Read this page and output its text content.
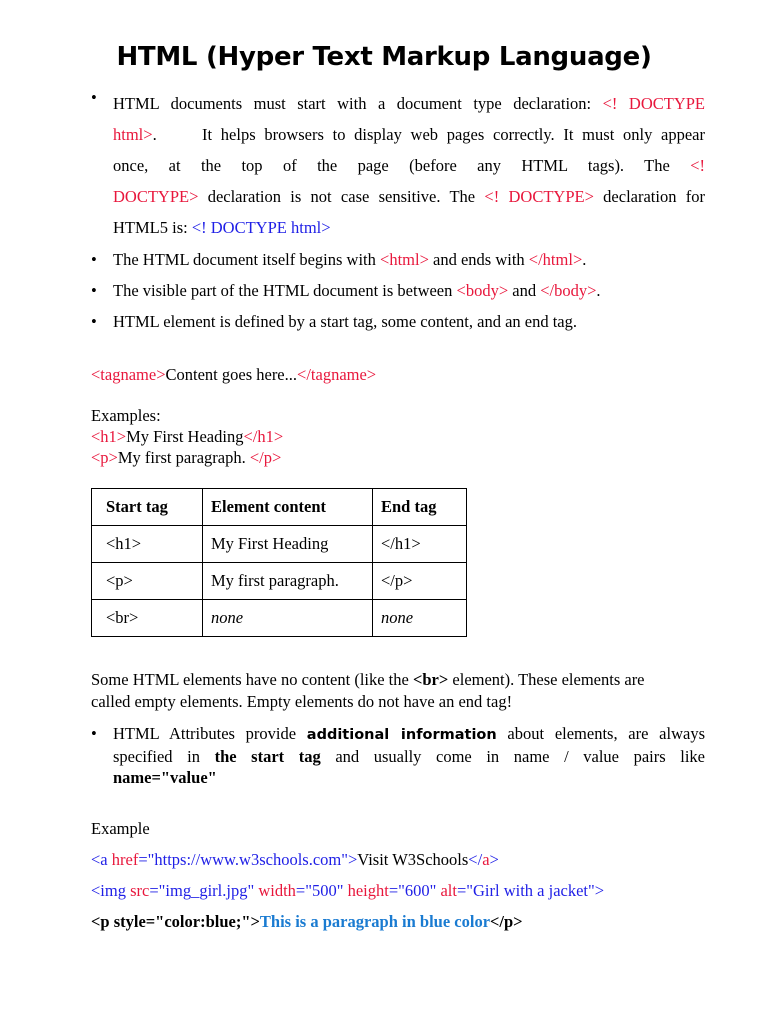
HTML (Hyper Text Markup Language)
• HTML documents must start with a document type declaration: <! DOCTYPE
html>.	It helps browsers to display web pages correctly. It must only appear
once, at the top of the page (before any HTML tags). The <!
DOCTYPE> declaration is not case sensitive. The <! DOCTYPE> declaration for
HTML5 is: <! DOCTYPE html>
• The HTML document itself begins with <html> and ends with </html>.
• The visible part of the HTML document is between <body> and </body>.
• HTML element is defined by a start tag, some content, and an end tag.
<tagname>Content goes here...</tagname>
Examples:
<h1>My First Heading</h1>
<p>My first paragraph. </p>
Start tag	Element content	End tag
<h1>	My First Heading	</h1>
<p>	My first paragraph.	</p>
<br>	none	none
Some HTML elements have no content (like the <br> element). These elements are
called empty elements. Empty elements do not have an end tag!
• HTML Attributes provide additional information about elements, are always
specified in the start tag and usually come in name / value pairs like
name="value"
Example
<a href="https://www.w3schools.com">Visit W3Schools</a>
<img src="img_girl.jpg" width="500" height="600" alt="Girl with a jacket">
<p style="color:blue;">This is a paragraph in blue color</p>
